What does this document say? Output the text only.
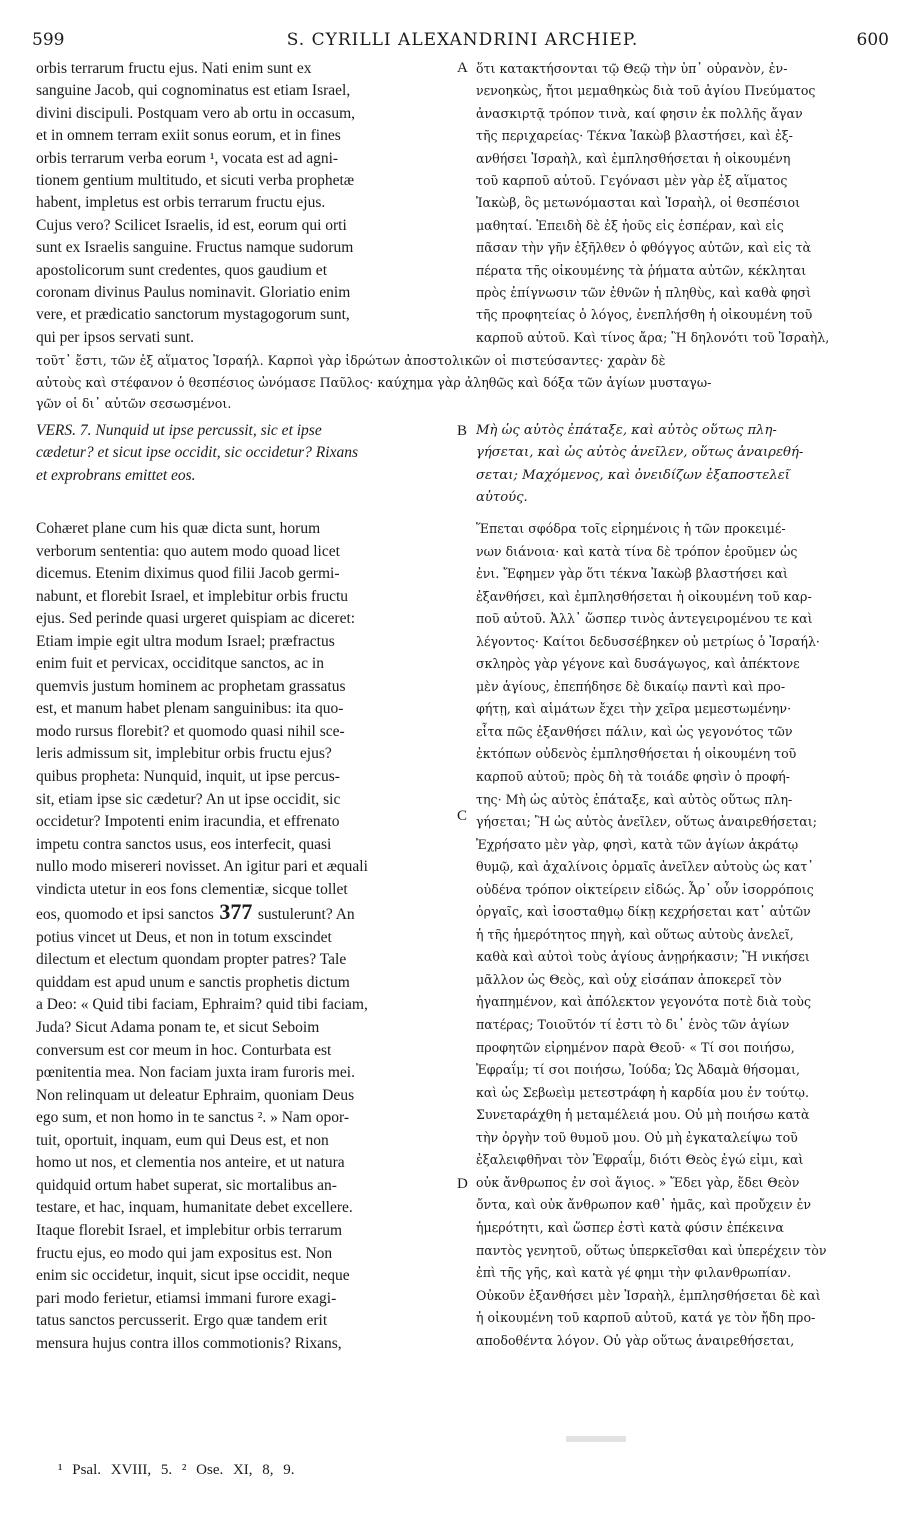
599	S. CYRILLI ALEXANDRINI ARCHIEP.	600
orbis terrarum fructu ejus. Nati enim sunt ex
sanguine Jacob, qui cognominatus est etiam Israel,
divini discipuli. Postquam vero ab ortu in occasum,
et in omnem terram exiit sonus eorum, et in fines
orbis terrarum verba eorum ¹, vocata est ad agni-
tionem gentium multitudo, et sicuti verba prophetæ
habent, impletus est orbis terrarum fructu ejus.
Cujus vero? Scilicet Israelis, id est, eorum qui orti
sunt ex Israelis sanguine. Fructus namque sudorum
apostolicorum sunt credentes, quos gaudium et
coronam divinus Paulus nominavit. Gloriatio enim
vere, et prædicatio sanctorum mystagogorum sunt,
qui per ipsos servati sunt.
ὅτι κατακτήσονται τῷ Θεῷ τὴν ὑπ᾽ οὐρανὸν, ἐν-
νενοηκὼς, ἤτοι μεμαθηκὼς διὰ τοῦ ἁγίου Πνεύματος
ἀνασκιρτᾷ τρόπον τινὰ, καί φησιν ἐκ πολλῆς ἄγαν
τῆς περιχαρείας· Τέκνα Ἰακὼβ βλαστήσει, καὶ ἐξ-
ανθήσει Ἰσραὴλ, καὶ ἐμπλησθήσεται ἡ οἰκουμένη
τοῦ καρποῦ αὐτοῦ. Γεγόνασι μὲν γὰρ ἐξ αἵματος
Ἰακὼβ, ὃς μετωνόμασται καὶ Ἰσραὴλ, οἱ θεσπέσιοι
μαθηταί. Ἐπειδὴ δὲ ἐξ ἠοῦς εἰς ἑσπέραν, καὶ εἰς
πᾶσαν τὴν γῆν ἐξῆλθεν ὁ φθόγγος αὐτῶν, καὶ εἰς τὰ
πέρατα τῆς οἰκουμένης τὰ ῥήματα αὐτῶν, κέκληται
πρὸς ἐπίγνωσιν τῶν ἐθνῶν ἡ πληθὺς, καὶ καθὰ φησὶ
τῆς προφητείας ὁ λόγος, ἐνεπλήσθη ἡ οἰκουμένη τοῦ
καρποῦ αὐτοῦ. Καὶ τίνος ἄρα; Ἢ δηλονότι τοῦ Ἰσραὴλ,
τοῦτ᾽ ἔστι, τῶν ἐξ αἵματος Ἰσραήλ. Καρποὶ γὰρ ἱδρώτων ἀποστολικῶν οἱ πιστεύσαντες· χαρὰν δὲ
αὐτοὺς καὶ στέφανον ὁ θεσπέσιος ὠνόμασε Παῦλος· καύχημα γὰρ ἀληθῶς καὶ δόξα τῶν ἁγίων μυσταγω-
γῶν οἱ δι᾽ αὐτῶν σεσωσμένοι.
VERS. 7. Nunquid ut ipse percussit, sic et ipse
cædetur? et sicut ipse occidit, sic occidetur? Rixans
et exprobrans emittet eos.
Μὴ ὡς αὐτὸς ἐπάταξε, καὶ αὐτὸς οὕτως πλη-
γήσεται, καὶ ὡς αὐτὸς ἀνεῖλεν, οὕτως ἀναιρεθή-
σεται; Μαχόμενος, καὶ ὀνειδίζων ἐξαποστελεῖ
αὐτούς.
Cohæret plane cum his quæ dicta sunt, horum
verborum sententia: quo autem modo quoad licet
dicemus. Etenim diximus quod filii Jacob germi-
nabunt, et florebit Israel, et implebitur orbis fructu
ejus. Sed perinde quasi urgeret quispiam ac diceret:
Etiam impie egit ultra modum Israel; præfractus
enim fuit et pervicax, occiditque sanctos, ac in
quemvis justum hominem ac prophetam grassatus
est, et manum habet plenam sanguinibus: ita quo-
modo rursus florebit? et quomodo quasi nihil sce-
leris admissum sit, implebitur orbis fructu ejus?
quibus propheta: Nunquid, inquit, ut ipse percus-
sit, etiam ipse sic cædetur? An ut ipse occidit, sic
occidetur? Impotenti enim iracundia, et effrenato
impetu contra sanctos usus, eos interfecit, quasi
nullo modo misereri novisset. An igitur pari et æquali
vindicta utetur in eos fons clementiæ, sicque tollet
eos, quomodo et ipsi sanctos 377 sustulerunt? An
potius vincet ut Deus, et non in totum exscindet
dilectum et electum quondam propter patres? Tale
quiddam est apud unum e sanctis prophetis dictum
a Deo: « Quid tibi faciam, Ephraim? quid tibi faciam,
Juda? Sicut Adama ponam te, et sicut Seboim
conversum est cor meum in hoc. Conturbata est
pœnitentia mea. Non faciam juxta iram furoris mei.
Non relinquam ut deleatur Ephraim, quoniam Deus
ego sum, et non homo in te sanctus ². » Nam opor-
tuit, oportuit, inquam, eum qui Deus est, et non
homo ut nos, et clementia nos anteire, et ut natura
quidquid ortum habet superat, sic mortalibus an-
testare, et hac, inquam, humanitate debet excellere.
Itaque florebit Israel, et implebitur orbis terrarum
fructu ejus, eo modo qui jam expositus est. Non
enim sic occidetur, inquit, sicut ipse occidit, neque
pari modo ferietur, etiamsi immani furore exagi-
tatus sanctos percusserit. Ergo quæ tandem erit
mensura hujus contra illos commotionis? Rixans,
Ἕπεται σφόδρα τοῖς εἰρημένοις ἡ τῶν προκειμέ-
νων διάνοια· καὶ κατὰ τίνα δὲ τρόπον ἐροῦμεν ὡς
ἐνι. Ἔφημεν γὰρ ὅτι τέκνα Ἰακὼβ βλαστήσει καὶ
ἐξανθήσει, καὶ ἐμπλησθήσεται ἡ οἰκουμένη τοῦ καρ-
ποῦ αὐτοῦ. Ἀλλ᾽ ὥσπερ τινὸς ἀντεγειρομένου τε καὶ
λέγοντος· Καίτοι δεδυσσέβηκεν οὐ μετρίως ὁ Ἰσραήλ·
σκληρὸς γὰρ γέγονε καὶ δυσάγωγος, καὶ ἀπέκτονε
μὲν ἁγίους, ἐπεπήδησε δὲ δικαίῳ παντὶ καὶ προ-
φήτῃ, καὶ αἱμάτων ἔχει τὴν χεῖρα μεμεστωμένην·
εἶτα πῶς ἐξανθήσει πάλιν, καὶ ὡς γεγονότος τῶν
ἐκτόπων οὐδενὸς ἐμπλησθήσεται ἡ οἰκουμένη τοῦ
καρποῦ αὐτοῦ; πρὸς δὴ τὰ τοιάδε φησὶν ὁ προφή-
της· Μὴ ὡς αὐτὸς ἐπάταξε, καὶ αὐτὸς οὕτως πλη-
γήσεται; Ἢ ὡς αὐτὸς ἀνεῖλεν, οὕτως ἀναιρεθήσεται;
Ἐχρήσατο μὲν γὰρ, φησὶ, κατὰ τῶν ἁγίων ἀκράτῳ
θυμῷ, καὶ ἀχαλίνοις ὁρμαῖς ἀνεῖλεν αὐτοὺς ὡς κατ᾽
οὐδένα τρόπον οἰκτείρειν εἰδώς. Ἆρ᾽ οὖν ἰσορρόποις
ὀργαῖς, καὶ ἰσοσταθμῳ δίκῃ κεχρήσεται κατ᾽ αὐτῶν
ἡ τῆς ἡμερότητος πηγὴ, καὶ οὕτως αὐτοὺς ἀνελεῖ,
καθὰ καὶ αὐτοὶ τοὺς ἁγίους ἀνῃρήκασιν; Ἢ νικήσει
μᾶλλον ὡς Θεὸς, καὶ οὐχ εἰσάπαν ἀποκερεῖ τὸν
ἠγαπημένον, καὶ ἀπόλεκτον γεγονότα ποτὲ διὰ τοὺς
πατέρας; Τοιοῦτόν τί ἐστι τὸ δι᾽ ἑνὸς τῶν ἁγίων
προφητῶν εἰρημένον παρὰ Θεοῦ· « Τί σοι ποιήσω,
Ἐφραΐμ; τί σοι ποιήσω, Ἰούδα; Ὡς Ἀδαμὰ θήσομαι,
καὶ ὡς Σεβωεὶμ μετεστράφη ἡ καρδία μου ἐν τούτῳ.
Συνεταράχθη ἡ μεταμέλειά μου. Οὐ μὴ ποιήσω κατὰ
τὴν ὀργὴν τοῦ θυμοῦ μου. Οὐ μὴ ἐγκαταλείψω τοῦ
ἐξαλειφθῆναι τὸν Ἐφραΐμ, διότι Θεὸς ἐγώ εἰμι, καὶ
οὐκ ἄνθρωπος ἐν σοὶ ἅγιος. » Ἔδει γὰρ, ἔδει Θεὸν
ὄντα, καὶ οὐκ ἄνθρωπον καθ᾽ ἡμᾶς, καὶ προὔχειν ἐν
ἡμερότητι, καὶ ὥσπερ ἐστὶ κατὰ φύσιν ἐπέκεινα
παντὸς γενητοῦ, οὕτως ὑπερκεῖσθαι καὶ ὑπερέχειν τὸν
ἐπὶ τῆς γῆς, καὶ κατὰ γέ φημι τὴν φιλανθρωπίαν.
Οὐκοῦν ἐξανθήσει μὲν Ἰσραὴλ, ἐμπλησθήσεται δὲ καὶ
ἡ οἰκουμένη τοῦ καρποῦ αὐτοῦ, κατά γε τὸν ἤδη προ-
αποδοθέντα λόγον. Οὐ γὰρ οὕτως ἀναιρεθήσεται,
A
B
C
D
¹ Psal. XVIII, 5. ² Ose. XI, 8, 9.
